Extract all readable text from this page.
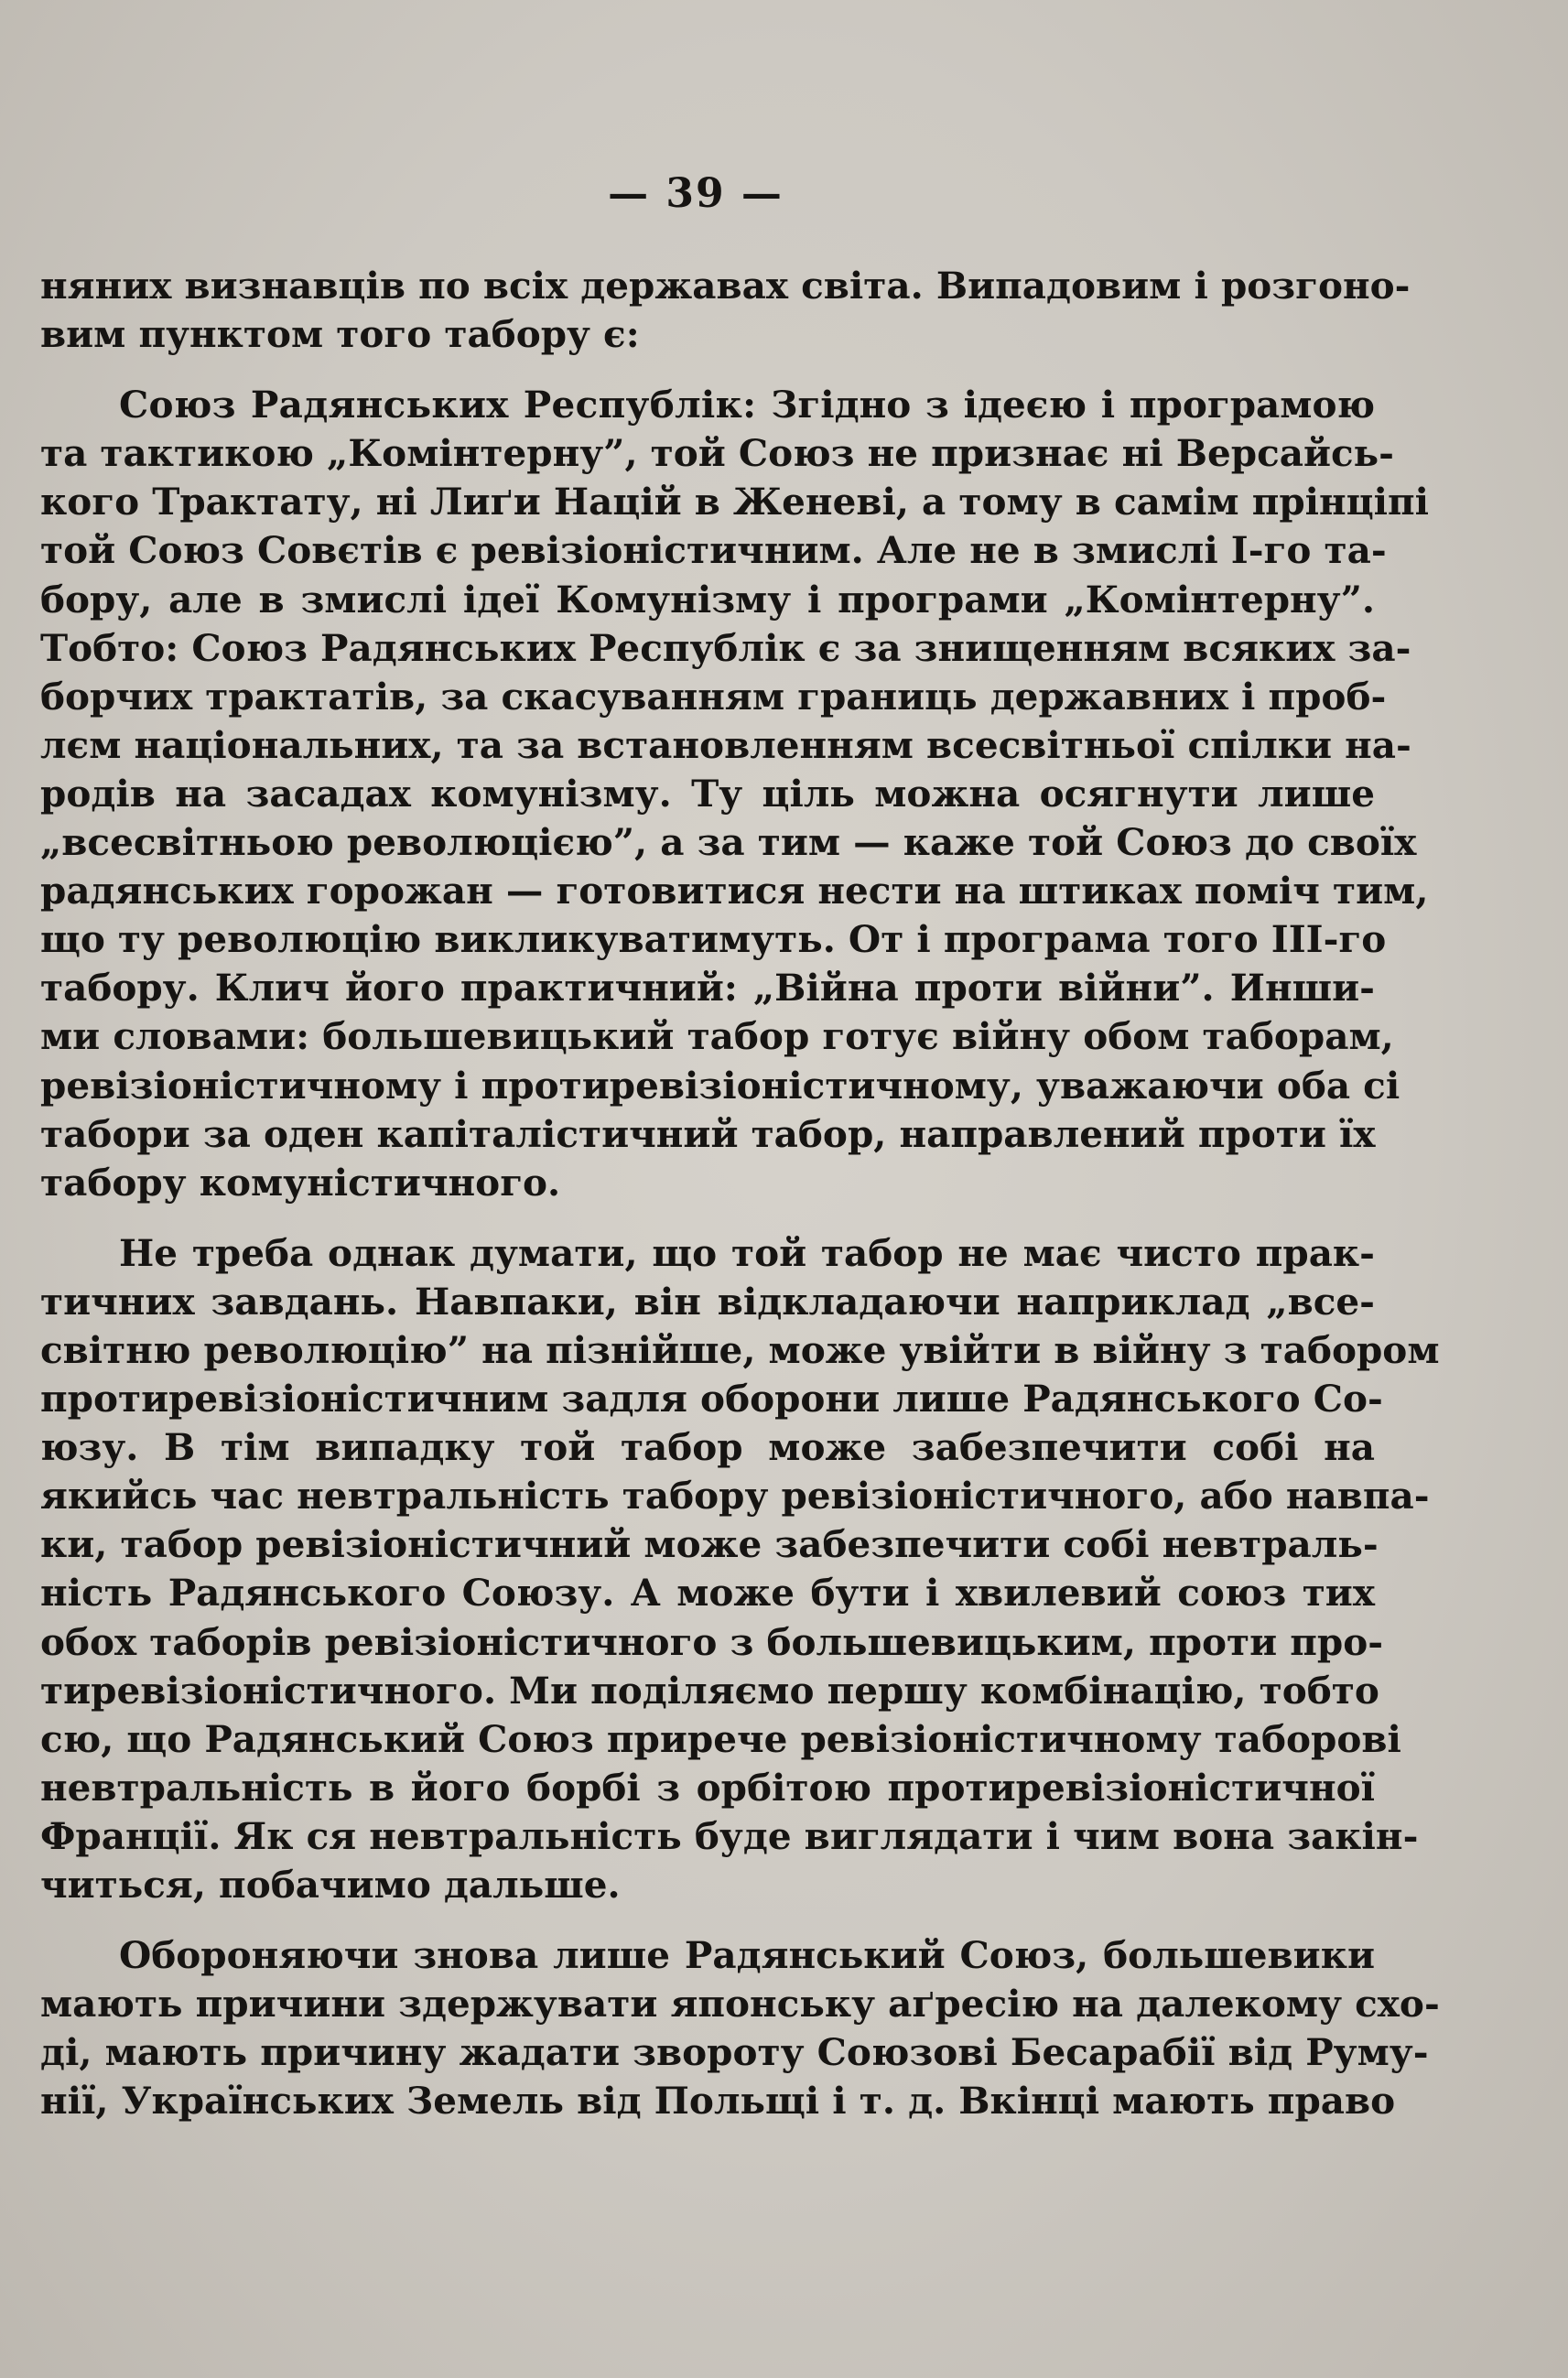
— 39 —
няних визнавців по всіх державах світа. Випадовим і розгоно-
вим пунктом того табору є:
Союз Радянських Республік: Згідно з ідеєю і програмою
та тактикою „Комінтерну”, той Союз не признає ні Версайсь-
кого Трактату, ні Лиґи Націй в Женеві, а тому в самім прінціпі
той Союз Совєтів є ревізіоністичним. Але не в змислі І-го та-
бору, але в змислі ідеї Комунізму і програми „Комінтерну”.
Тобто: Союз Радянських Республік є за знищенням всяких за-
борчих трактатів, за скасуванням границь державних і проб-
лєм національних, та за встановленням всесвітньої спілки на-
родів на засадах комунізму. Ту ціль можна осягнути лише
„всесвітньою революцією”, а за тим — каже той Союз до своїх
радянських горожан — готовитися нести на штиках поміч тим,
що ту революцію викликуватимуть. От і програма того ІІІ-го
табору. Клич його практичний: „Війна проти війни”. Инши-
ми словами: большевицький табор готує війну обом таборам,
ревізіоністичному і протиревізіоністичному, уважаючи оба сі
табори за оден капіталістичний табор, направлений проти їх
табору комуністичного.
Не треба однак думати, що той табор не має чисто прак-
тичних завдань. Навпаки, він відкладаючи наприклад „все-
світню революцію” на пізнійше, може увійти в війну з табором
протиревізіоністичним задля оборони лише Радянського Со-
юзу. В тім випадку той табор може забезпечити собі на
якийсь час невтральність табору ревізіоністичного, або навпа-
ки, табор ревізіоністичний може забезпечити собі невтраль-
ність Радянського Союзу. А може бути і хвилевий союз тих
обох таборів ревізіоністичного з большевицьким, проти про-
тиревізіоністичного. Ми поділяємо першу комбінацію, тобто
сю, що Радянський Союз приречe ревізіоністичному таборові
невтральність в його борбі з орбітою протиревізіоністичної
Франції. Як ся невтральність буде виглядати і чим вона закін-
читься, побачимо дальше.
Обороняючи знова лише Радянський Союз, большевики
мають причини здержувати японську аґресію на далекому схо-
ді, мають причину жадати звороту Союзові Бесарабії від Руму-
нії, Українських Земель від Польщі і т. д. Вкінці мають право
